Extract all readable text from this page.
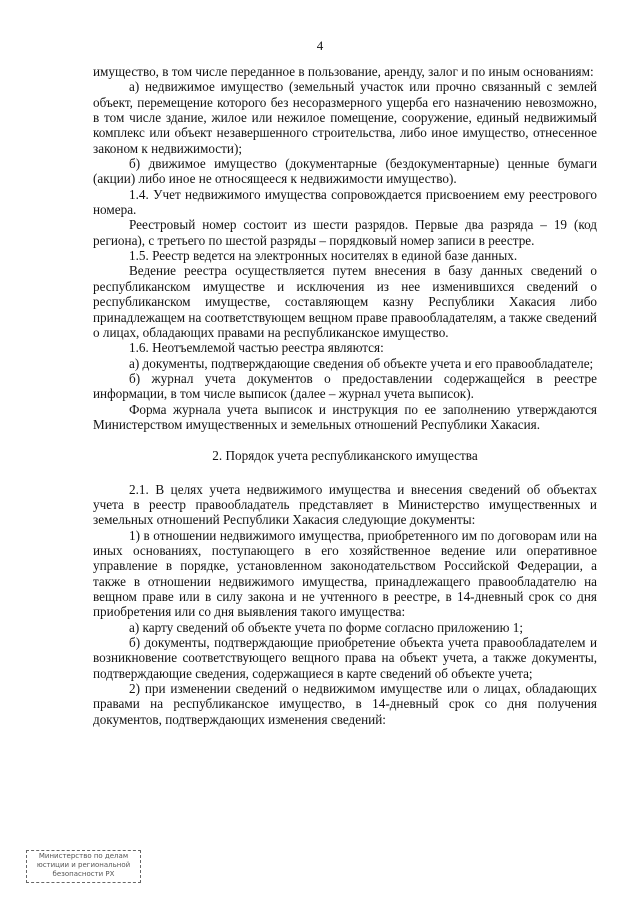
4

имущество, в том числе переданное в пользование, аренду, залог и по иным основаниям:

а) недвижимое имущество (земельный участок или прочно связанный с землей объект, перемещение которого без несоразмерного ущерба его назначению невозможно, в том числе здание, жилое или нежилое помещение, сооружение, единый недвижимый комплекс или объект незавершенного строительства, либо иное имущество, отнесенное законом к недвижимости);

б) движимое имущество (документарные (бездокументарные) ценные бумаги (акции) либо иное не относящееся к недвижимости имущество).

1.4. Учет недвижимого имущества сопровождается присвоением ему реестрового номера.

Реестровый номер состоит из шести разрядов. Первые два разряда – 19 (код региона), с третьего по шестой разряды – порядковый номер записи в реестре.

1.5. Реестр ведется на электронных носителях в единой базе данных.

Ведение реестра осуществляется путем внесения в базу данных сведений о республиканском имуществе и исключения из нее изменившихся сведений о республиканском имуществе, составляющем казну Республики Хакасия либо принадлежащем на соответствующем вещном праве правообладателям, а также сведений о лицах, обладающих правами на республиканское имущество.

1.6. Неотъемлемой частью реестра являются:

а) документы, подтверждающие сведения об объекте учета и его правообладателе;

б) журнал учета документов о предоставлении содержащейся в реестре информации, в том числе выписок (далее – журнал учета выписок).

Форма журнала учета выписок и инструкция по ее заполнению утверждаются Министерством имущественных и земельных отношений Республики Хакасия.

2. Порядок учета республиканского имущества

2.1. В целях учета недвижимого имущества и внесения сведений об объектах учета в реестр правообладатель представляет в Министерство имущественных и земельных отношений Республики Хакасия следующие документы:

1) в отношении недвижимого имущества, приобретенного им по договорам или на иных основаниях, поступающего в его хозяйственное ведение или оперативное управление в порядке, установленном законодательством Российской Федерации, а также в отношении недвижимого имущества, принадлежащего правообладателю на вещном праве или в силу закона и не учтенного в реестре, в 14-дневный срок со дня приобретения или со дня выявления такого имущества:

а) карту сведений об объекте учета по форме согласно приложению 1;

б) документы, подтверждающие приобретение объекта учета правообладателем и возникновение соответствующего вещного права на объект учета, а также документы, подтверждающие сведения, содержащиеся в карте сведений об объекте учета;

2) при изменении сведений о недвижимом имуществе или о лицах, обладающих правами на республиканское имущество, в 14-дневный срок со дня получения документов, подтверждающих изменения сведений:

Министерство по делам
юстиции и региональной
безопасности РХ
